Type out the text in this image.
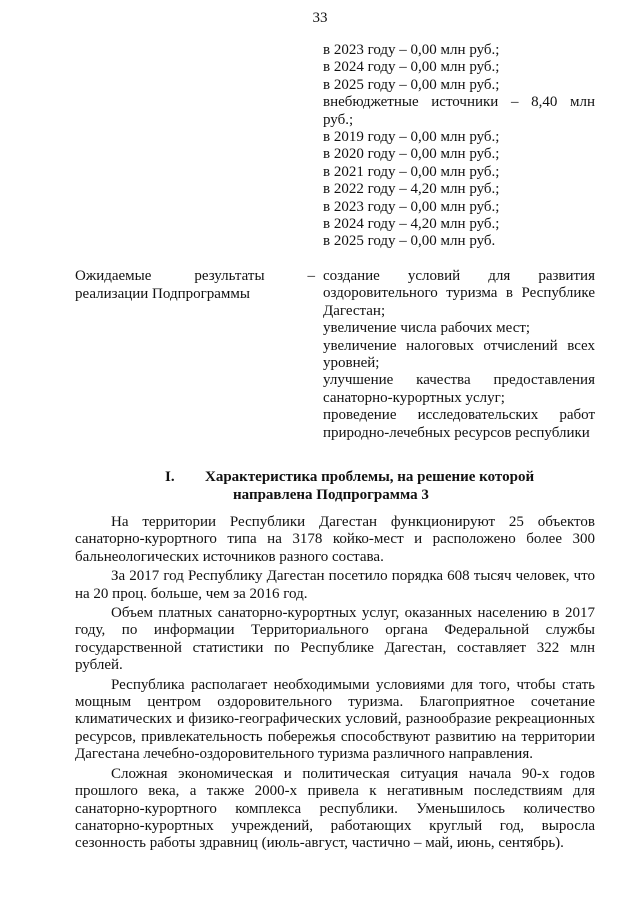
33
в 2023 году – 0,00 млн руб.;
в 2024 году – 0,00 млн руб.;
в 2025 году – 0,00 млн руб.;
внебюджетные источники – 8,40 млн
руб.;
в 2019 году – 0,00 млн руб.;
в 2020 году – 0,00 млн руб.;
в 2021 году – 0,00 млн руб.;
в 2022 году – 4,20 млн руб.;
в 2023 году – 0,00 млн руб.;
в 2024 году – 4,20 млн руб.;
в 2025 году – 0,00 млн руб.
Ожидаемые результаты –
реализации Подпрограммы
создание условий для развития
оздоровительного туризма в Республике
Дагестан;
увеличение числа рабочих мест;
увеличение налоговых отчислений всех
уровней;
улучшение качества предоставления
санаторно-курортных услуг;
проведение исследовательских работ
природно-лечебных ресурсов республики
I. Характеристика проблемы, на решение которой
направлена Подпрограмма 3

На территории Республики Дагестан функционируют 25 объектов санаторно-курортного типа на 3178 койко-мест и расположено более 300 бальнеологических источников разного состава.

За 2017 год Республику Дагестан посетило порядка 608 тысяч человек, что на 20 проц. больше, чем за 2016 год.

Объем платных санаторно-курортных услуг, оказанных населению в 2017 году, по информации Территориального органа Федеральной службы государственной статистики по Республике Дагестан, составляет 322 млн рублей.

Республика располагает необходимыми условиями для того, чтобы стать мощным центром оздоровительного туризма. Благоприятное сочетание климатических и физико-географических условий, разнообразие рекреационных ресурсов, привлекательность побережья способствуют развитию на территории Дагестана лечебно-оздоровительного туризма различного направления.

Сложная экономическая и политическая ситуация начала 90-х годов прошлого века, а также 2000-х привела к негативным последствиям для санаторно-курортного комплекса республики. Уменьшилось количество санаторно-курортных учреждений, работающих круглый год, выросла сезонность работы здравниц (июль-август, частично – май, июнь, сентябрь).
